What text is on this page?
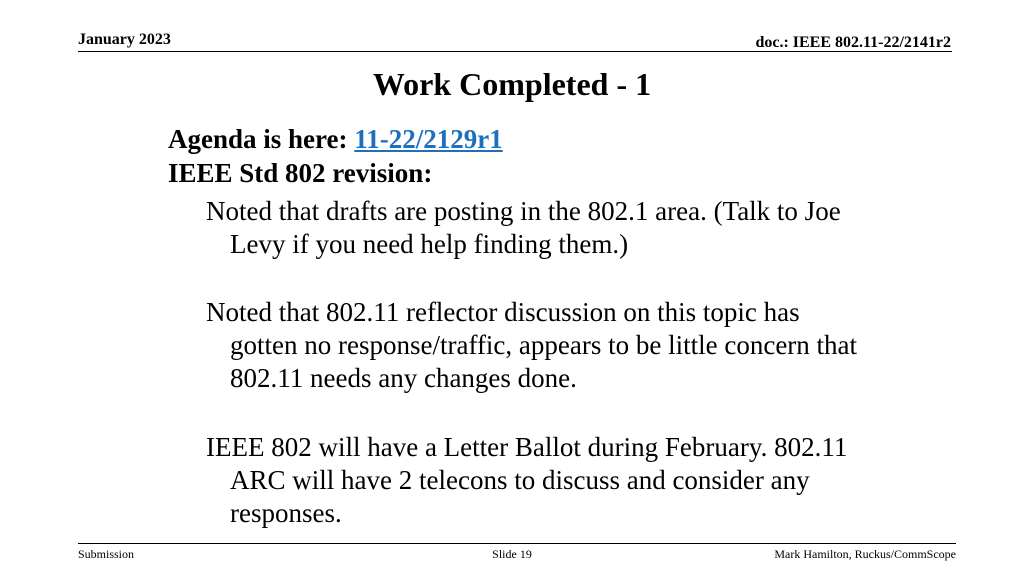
January 2023	doc.: IEEE 802.11-22/2141r2
Work Completed - 1
Agenda is here: 11-22/2129r1
IEEE Std 802 revision:
Noted that drafts are posting in the 802.1 area. (Talk to Joe Levy if you need help finding them.)
Noted that 802.11 reflector discussion on this topic has gotten no response/traffic, appears to be little concern that 802.11 needs any changes done.
IEEE 802 will have a Letter Ballot during February. 802.11 ARC will have 2 telecons to discuss and consider any responses.
Submission	Slide 19	Mark Hamilton, Ruckus/CommScope
